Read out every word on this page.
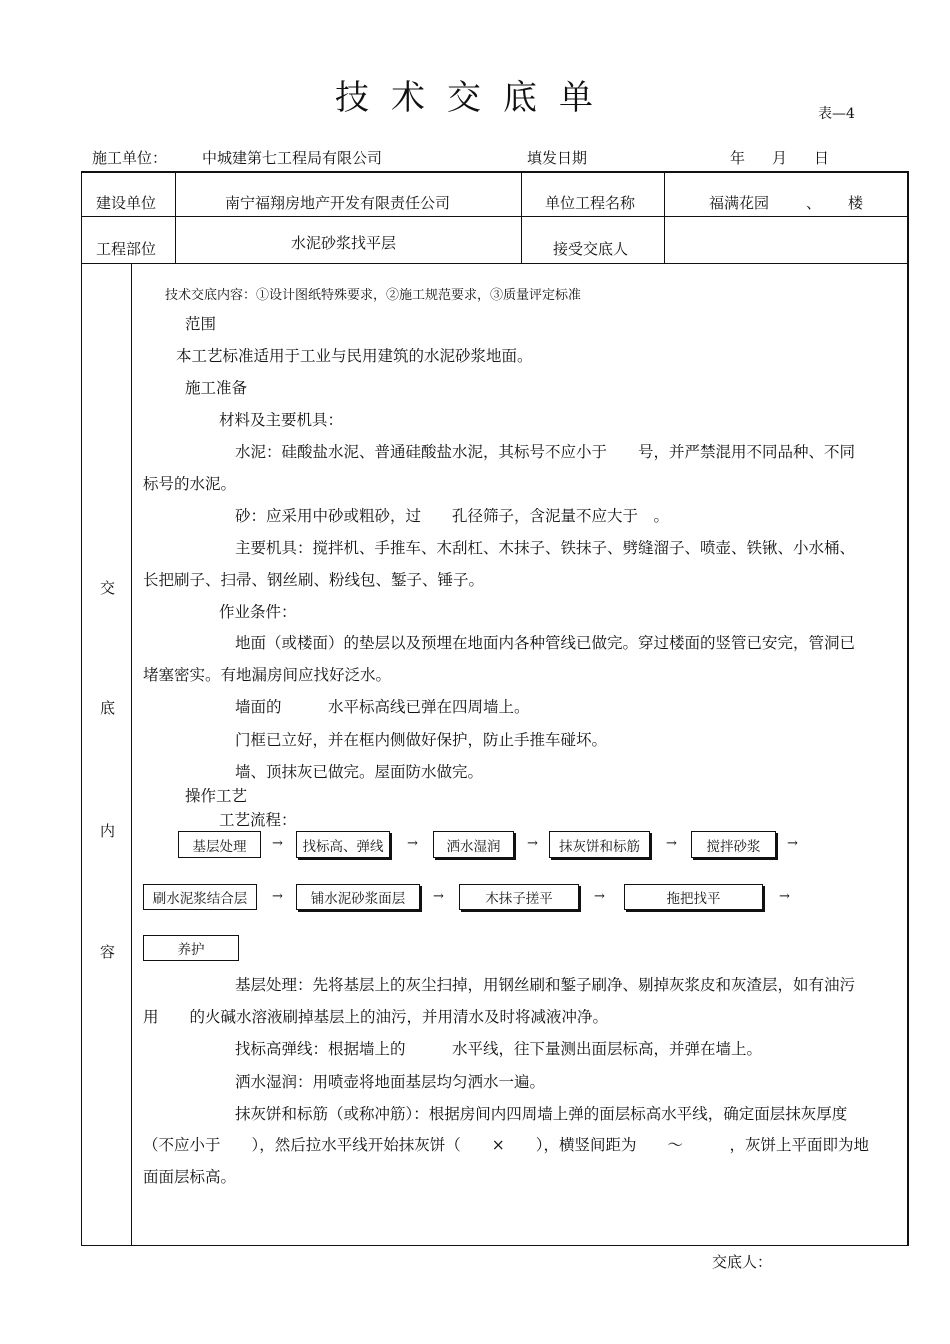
技术交底单	表—4
施工单位： 中城建第七工程局有限公司	填发日期	年 月 日
建设单位	南宁福翔房地产开发有限责任公司	单位工程名称	福满花园 、 楼
工程部位	水泥砂浆找平层	接受交底人
交
底
内
容
技术交底内容：①设计图纸特殊要求，②施工规范要求，③质量评定标准
范围
本工艺标准适用于工业与民用建筑的水泥砂浆地面。
施工准备
材料及主要机具：
水泥：硅酸盐水泥、普通硅酸盐水泥，其标号不应小于　　号，并严禁混用不同品种、不同
标号的水泥。
砂：应采用中砂或粗砂，过　　孔径筛子，含泥量不应大于　。
主要机具：搅拌机、手推车、木刮杠、木抹子、铁抹子、劈缝溜子、喷壶、铁锹、小水桶、
长把刷子、扫帚、钢丝刷、粉线包、錾子、锤子。
作业条件：
地面（或楼面）的垫层以及预埋在地面内各种管线已做完。穿过楼面的竖管已安完，管洞已
堵塞密实。有地漏房间应找好泛水。
墙面的　　　水平标高线已弹在四周墙上。
门框已立好，并在框内侧做好保护，防止手推车碰坏。
墙、顶抹灰已做完。屋面防水做完。
操作工艺
工艺流程：
基层处理	→	找标高、弹线	→	洒水湿润	→	抹灰饼和标筋	→	搅拌砂浆	→
刷水泥浆结合层	→	铺水泥砂浆面层	→	木抹子搓平	→	拖把找平	→
养护
基层处理：先将基层上的灰尘扫掉，用钢丝刷和錾子刷净、剔掉灰浆皮和灰渣层，如有油污
用　　的火碱水溶液刷掉基层上的油污，并用清水及时将减液冲净。
找标高弹线：根据墙上的　　　水平线，往下量测出面层标高，并弹在墙上。
洒水湿润：用喷壶将地面基层均匀洒水一遍。
抹灰饼和标筋（或称冲筋）：根据房间内四周墙上弹的面层标高水平线，确定面层抹灰厚度
（不应小于　　），然后拉水平线开始抹灰饼（　　×　　），横竖间距为　　～　　　，灰饼上平面即为地
面面层标高。
交底人：
